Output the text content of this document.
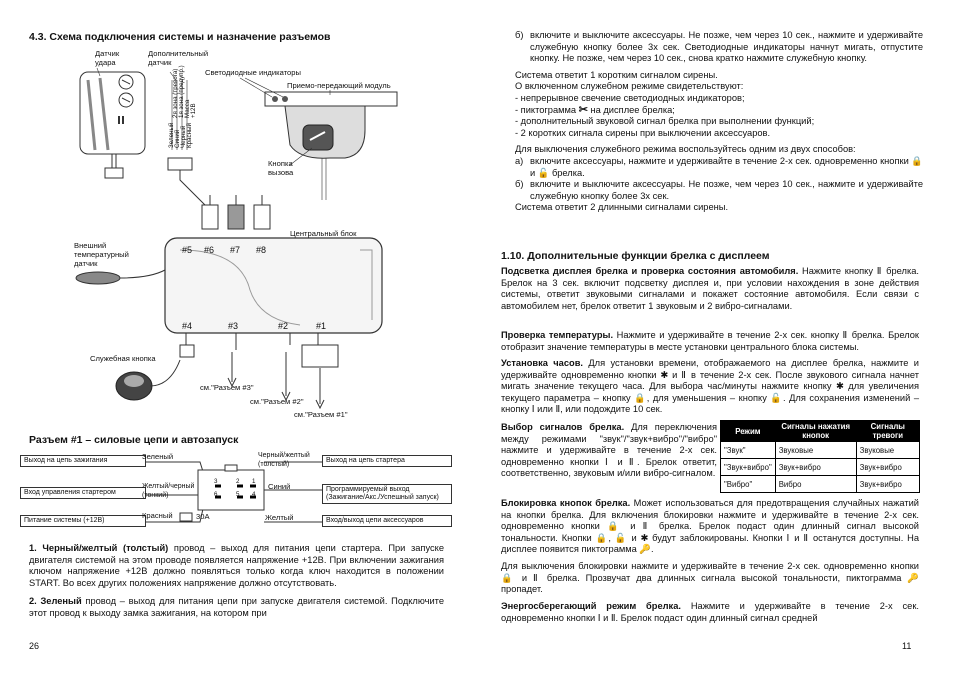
4.3. Схема подключения системы и назначение разъемов
Датчик удара
Дополнительный датчик
Светодиодные индикаторы
Приемо-передающий модуль
Кнопка вызова
Центральный блок
Внешний температурный датчик
Служебная кнопка
см."Разъем #3"
см."Разъем #2"
см."Разъем #1"
Зеленый Синий Черный Красный
2я зона (тревога) 1я зона (предупр.) Масса +12В
#5 #6 #7 #8
#4	#3	#2	#1
Разъем #1 – силовые цепи и автозапуск
Выход на цепь зажигания	Зеленый	Черный/желтый (толстый)
Выход на цепь стартера
Вход управления стартером
Желтый/черный (тонкий)
Синий	Программируемый выход (Зажигание/Акс./Успешный запуск)
Питание системы (+12В)
Красный	30А	Желтый	Вход/выход цепи аксессуаров
3	2 1
6	5 4
1. Черный/желтый (толстый) провод – выход для питания цепи стартера. При запуске двигателя системой на этом проводе появляется напряжение +12В. При включении зажигания ключом напряжение +12В должно появляться только когда ключ находится в положении START. Во всех других положениях напряжение должно отсутствовать.
2. Зеленый провод – выход для питания цепи при запуске двигателя системой. Подключите этот провод к выходу замка зажигания, на котором при
26
б) включите и выключите аксессуары. Не позже, чем через 10 сек., нажмите и удерживайте служебную кнопку более 3х сек. Светодиодные индикаторы начнут мигать, отпустите кнопку. Не позже, чем через 10 сек., снова кратко нажмите служебную кнопку.
Система ответит 1 коротким сигналом сирены.
О включенном служебном режиме свидетельствуют:
- непрерывное свечение светодиодных индикаторов;
- пиктограмма ✂ на дисплее брелка;
- дополнительный звуковой сигнал брелка при выполнении функций;
- 2 коротких сигнала сирены при выключении аксессуаров.
Для выключения служебного режима воспользуйтесь одним из двух способов:
а) включите аксессуары, нажмите и удерживайте в течение 2-х сек. одновременно кнопки 🔒 и 🔓 брелка.
б) включите и выключите аксессуары. Не позже, чем через 10 сек., нажмите и удерживайте служебную кнопку более 3х сек.
Система ответит 2 длинными сигналами сирены.
1.10. Дополнительные функции брелка с дисплеем
Подсветка дисплея брелка и проверка состояния автомобиля. Нажмите кнопку Ⅱ брелка. Брелок на 3 сек. включит подсветку дисплея и, при условии нахождения в зоне действия системы, ответит звуковыми сигналами и покажет состояние автомобиля. Если связи с автомобилем нет, брелок ответит 1 звуковым и 2 вибро-сигналами.
Проверка температуры. Нажмите и удерживайте в течение 2-х сек. кнопку Ⅱ брелка. Брелок отобразит значение температуры в месте установки центрального блока системы.
Установка часов. Для установки времени, отображаемого на дисплее брелка, нажмите и удерживайте одновременно кнопки ✱ и Ⅱ в течение 2-х сек. После звукового сигнала начнет мигать значение текущего часа. Для выбора час/минуты нажмите кнопку ✱ для увеличения текущего параметра – кнопку 🔒, для уменьшения – кнопку 🔓. Для сохранения изменений – кнопку Ⅰ или Ⅱ, или подождите 10 сек.
Выбор сигналов брелка. Для переключения между режимами "звук"/"звук+вибро"/"вибро" нажмите и удерживайте в течение 2-х сек. одновременно кнопки Ⅰ и Ⅱ. Брелок ответит, соответственно, звуковым и/или вибро-сигналом.
Режим	Сигналы нажатия кнопок	Сигналы тревоги
"Звук"	Звуковые	Звуковые
"Звук+вибро"	Звук+вибро	Звук+вибро
"Вибро"	Вибро	Звук+вибро
Блокировка кнопок брелка. Может использоваться для предотвращения случайных нажатий на кнопки брелка. Для включения блокировки нажмите и удерживайте в течение 2-х сек. одновременно кнопки 🔒 и Ⅱ брелка. Брелок подаст один длинный сигнал высокой тональности. Кнопки 🔒, 🔓 и ✱ будут заблокированы. Кнопки Ⅰ и Ⅱ останутся доступны. На дисплее появится пиктограмма 🔑.
Для выключения блокировки нажмите и удерживайте в течение 2-х сек. одновременно кнопки 🔒 и Ⅱ брелка. Прозвучат два длинных сигнала высокой тональности, пиктограмма 🔑 пропадет.
Энергосберегающий режим брелка. Нажмите и удерживайте в течение 2-х сек. одновременно кнопки Ⅰ и Ⅱ. Брелок подаст один длинный сигнал средней
11
